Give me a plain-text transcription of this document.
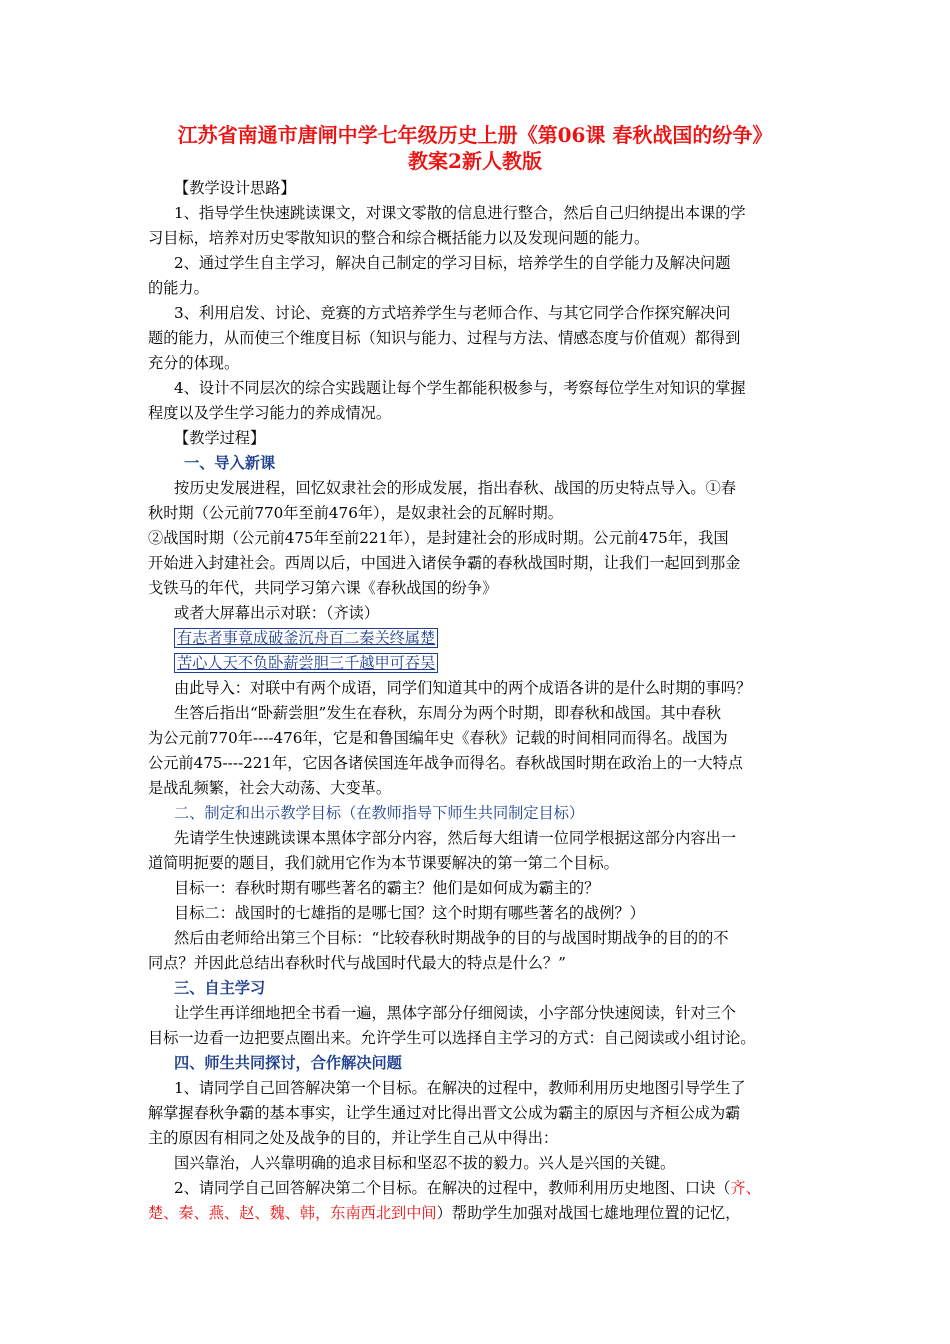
江苏省南通市唐闸中学七年级历史上册《第06课 春秋战国的纷争》
教案2新人教版
【教学设计思路】
1、指导学生快速跳读课文，对课文零散的信息进行整合，然后自己归纳提出本课的学
习目标，培养对历史零散知识的整合和综合概括能力以及发现问题的能力。
2、通过学生自主学习，解决自己制定的学习目标，培养学生的自学能力及解决问题
的能力。
3、利用启发、讨论、竞赛的方式培养学生与老师合作、与其它同学合作探究解决问
题的能力，从而使三个维度目标（知识与能力、过程与方法、情感态度与价值观）都得到
充分的体现。
4、设计不同层次的综合实践题让每个学生都能积极参与，考察每位学生对知识的掌握
程度以及学生学习能力的养成情况。
【教学过程】
一、导入新课
按历史发展进程，回忆奴隶社会的形成发展，指出春秋、战国的历史特点导入。①春
秋时期（公元前770年至前476年），是奴隶社会的瓦解时期。
②战国时期（公元前475年至前221年），是封建社会的形成时期。公元前475年，我国
开始进入封建社会。西周以后，中国进入诸侯争霸的春秋战国时期，让我们一起回到那金
戈铁马的年代，共同学习第六课《春秋战国的纷争》
或者大屏幕出示对联：（齐读）
有志者事竟成破釜沉舟百二秦关终属楚
苦心人天不负卧薪尝胆三千越甲可吞吴
由此导入：对联中有两个成语，同学们知道其中的两个成语各讲的是什么时期的事吗？
生答后指出“卧薪尝胆”发生在春秋，东周分为两个时期，即春秋和战国。其中春秋
为公元前770年----476年，它是和鲁国编年史《春秋》记载的时间相同而得名。战国为
公元前475----221年，它因各诸侯国连年战争而得名。春秋战国时期在政治上的一大特点
是战乱频繁，社会大动荡、大变革。
二、制定和出示教学目标（在教师指导下师生共同制定目标）
先请学生快速跳读课本黑体字部分内容，然后每大组请一位同学根据这部分内容出一
道简明扼要的题目，我们就用它作为本节课要解决的第一第二个目标。
目标一：春秋时期有哪些著名的霸主？他们是如何成为霸主的？
目标二：战国时的七雄指的是哪七国？这个时期有哪些著名的战例？）
然后由老师给出第三个目标：“比较春秋时期战争的目的与战国时期战争的目的的不
同点？并因此总结出春秋时代与战国时代最大的特点是什么？”
三、自主学习
让学生再详细地把全书看一遍，黑体字部分仔细阅读，小字部分快速阅读，针对三个
目标一边看一边把要点圈出来。允许学生可以选择自主学习的方式：自己阅读或小组讨论。
四、师生共同探讨，合作解决问题
1、请同学自己回答解决第一个目标。在解决的过程中，教师利用历史地图引导学生了
解掌握春秋争霸的基本事实，让学生通过对比得出晋文公成为霸主的原因与齐桓公成为霸
主的原因有相同之处及战争的目的，并让学生自己从中得出：
国兴靠治，人兴靠明确的追求目标和坚忍不拔的毅力。兴人是兴国的关键。
2、请同学自己回答解决第二个目标。在解决的过程中，教师利用历史地图、口诀（齐、
楚、秦、燕、赵、魏、韩，东南西北到中间）帮助学生加强对战国七雄地理位置的记忆，
